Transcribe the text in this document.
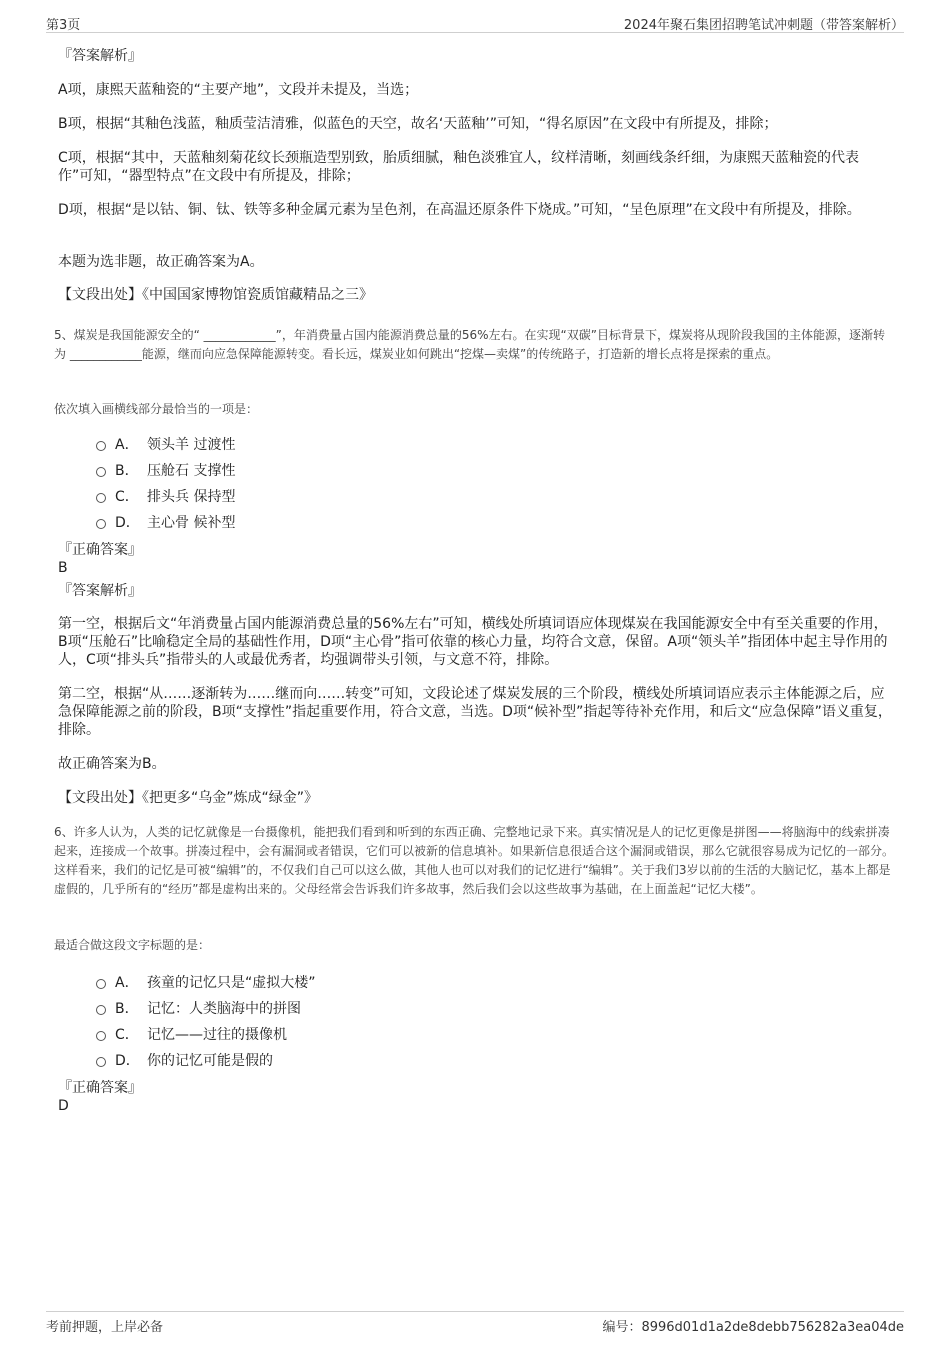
第3页	2024年聚石集团招聘笔试冲刺题（带答案解析）

『答案解析』

A项，康熙天蓝釉瓷的“主要产地”，文段并未提及，当选；

B项，根据“其釉色浅蓝，釉质莹洁清雅，似蓝色的天空，故名‘天蓝釉’”可知，“得名原因”在文段中有所提及，排除；

C项，根据“其中，天蓝釉刻菊花纹长颈瓶造型别致，胎质细腻，釉色淡雅宜人，纹样清晰，刻画线条纤细，为康熙天蓝釉瓷的代表作”可知，“器型特点”在文段中有所提及，排除；

D项，根据“是以钴、铜、钛、铁等多种金属元素为呈色剂，在高温还原条件下烧成。”可知，“呈色原理”在文段中有所提及，排除。

本题为选非题，故正确答案为A。

【文段出处】《中国国家博物馆瓷质馆藏精品之三》

5、煤炭是我国能源安全的“ ____________”，年消费量占国内能源消费总量的56%左右。在实现“双碳”目标背景下，煤炭将从现阶段我国的主体能源，逐渐转为 ____________能源，继而向应急保障能源转变。看长远，煤炭业如何跳出“挖煤—卖煤”的传统路子，打造新的增长点将是探索的重点。

依次填入画横线部分最恰当的一项是：

A． 领头羊 过渡性
B． 压舱石 支撑性
C． 排头兵 保持型
D． 主心骨 候补型

『正确答案』

B

『答案解析』

第一空，根据后文“年消费量占国内能源消费总量的56%左右”可知，横线处所填词语应体现煤炭在我国能源安全中有至关重要的作用，B项“压舱石”比喻稳定全局的基础性作用，D项“主心骨”指可依靠的核心力量，均符合文意，保留。A项“领头羊”指团体中起主导作用的人，C项“排头兵”指带头的人或最优秀者，均强调带头引领，与文意不符，排除。

第二空，根据“从……逐渐转为……继而向……转变”可知，文段论述了煤炭发展的三个阶段，横线处所填词语应表示主体能源之后，应急保障能源之前的阶段，B项“支撑性”指起重要作用，符合文意，当选。D项“候补型”指起等待补充作用，和后文“应急保障”语义重复，排除。

故正确答案为B。

【文段出处】《把更多“乌金”炼成“绿金”》

6、许多人认为，人类的记忆就像是一台摄像机，能把我们看到和听到的东西正确、完整地记录下来。真实情况是人的记忆更像是拼图——将脑海中的线索拼凑起来，连接成一个故事。拼凑过程中，会有漏洞或者错误，它们可以被新的信息填补。如果新信息很适合这个漏洞或错误，那么它就很容易成为记忆的一部分。这样看来，我们的记忆是可被“编辑”的，不仅我们自己可以这么做，其他人也可以对我们的记忆进行“编辑”。关于我们3岁以前的生活的大脑记忆，基本上都是虚假的，几乎所有的“经历”都是虚构出来的。父母经常会告诉我们许多故事，然后我们会以这些故事为基础，在上面盖起“记忆大楼”。

最适合做这段文字标题的是：

A． 孩童的记忆只是“虚拟大楼”
B． 记忆：人类脑海中的拼图
C． 记忆——过往的摄像机
D． 你的记忆可能是假的

『正确答案』

D

考前押题，上岸必备	编号：8996d01d1a2de8debb756282a3ea04de
